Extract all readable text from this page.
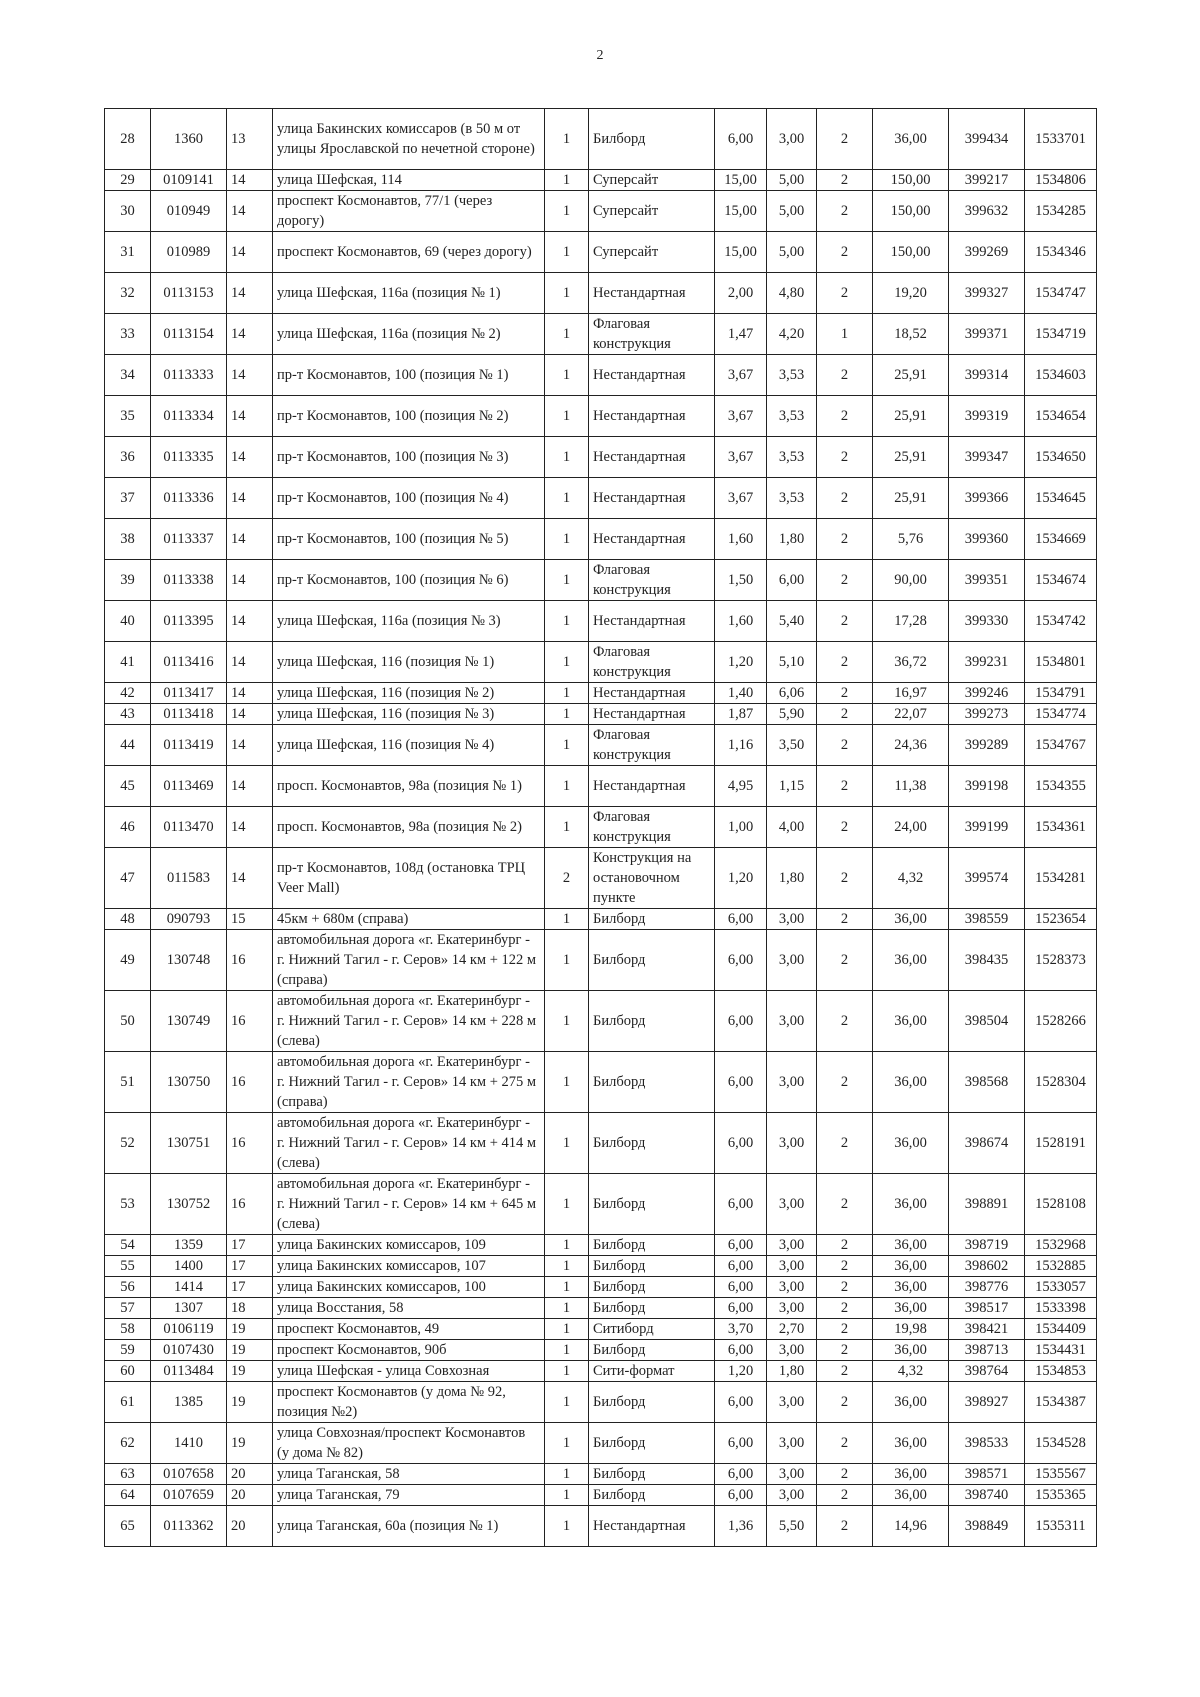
2
28	1360	13	улица Бакинских комиссаров (в 50 м от улицы Ярославской по нечетной стороне)	1	Билборд	6,00	3,00	2	36,00	399434	1533701
29	0109141	14	улица Шефская, 114	1	Суперсайт	15,00	5,00	2	150,00	399217	1534806
30	010949	14	проспект Космонавтов, 77/1 (через дорогу)	1	Суперсайт	15,00	5,00	2	150,00	399632	1534285
31	010989	14	проспект Космонавтов, 69 (через дорогу)	1	Суперсайт	15,00	5,00	2	150,00	399269	1534346
32	0113153	14	улица Шефская, 116а (позиция № 1)	1	Нестандартная	2,00	4,80	2	19,20	399327	1534747
33	0113154	14	улица Шефская, 116а (позиция № 2)	1	Флаговая конструкция	1,47	4,20	1	18,52	399371	1534719
34	0113333	14	пр-т Космонавтов, 100 (позиция № 1)	1	Нестандартная	3,67	3,53	2	25,91	399314	1534603
35	0113334	14	пр-т Космонавтов, 100 (позиция № 2)	1	Нестандартная	3,67	3,53	2	25,91	399319	1534654
36	0113335	14	пр-т Космонавтов, 100 (позиция № 3)	1	Нестандартная	3,67	3,53	2	25,91	399347	1534650
37	0113336	14	пр-т Космонавтов, 100 (позиция № 4)	1	Нестандартная	3,67	3,53	2	25,91	399366	1534645
38	0113337	14	пр-т Космонавтов, 100 (позиция № 5)	1	Нестандартная	1,60	1,80	2	5,76	399360	1534669
39	0113338	14	пр-т Космонавтов, 100 (позиция № 6)	1	Флаговая конструкция	1,50	6,00	2	90,00	399351	1534674
40	0113395	14	улица Шефская, 116а (позиция № 3)	1	Нестандартная	1,60	5,40	2	17,28	399330	1534742
41	0113416	14	улица Шефская, 116 (позиция № 1)	1	Флаговая конструкция	1,20	5,10	2	36,72	399231	1534801
42	0113417	14	улица Шефская, 116 (позиция № 2)	1	Нестандартная	1,40	6,06	2	16,97	399246	1534791
43	0113418	14	улица Шефская, 116 (позиция № 3)	1	Нестандартная	1,87	5,90	2	22,07	399273	1534774
44	0113419	14	улица Шефская, 116 (позиция № 4)	1	Флаговая конструкция	1,16	3,50	2	24,36	399289	1534767
45	0113469	14	просп. Космонавтов, 98а (позиция № 1)	1	Нестандартная	4,95	1,15	2	11,38	399198	1534355
46	0113470	14	просп. Космонавтов, 98а (позиция № 2)	1	Флаговая конструкция	1,00	4,00	2	24,00	399199	1534361
47	011583	14	пр-т Космонавтов, 108д (остановка ТРЦ Veer Mall)	2	Конструкция на остановочном пункте	1,20	1,80	2	4,32	399574	1534281
48	090793	15	45км + 680м (справа)	1	Билборд	6,00	3,00	2	36,00	398559	1523654
49	130748	16	автомобильная дорога «г. Екатеринбург - г. Нижний Тагил - г. Серов» 14 км + 122 м (справа)	1	Билборд	6,00	3,00	2	36,00	398435	1528373
50	130749	16	автомобильная дорога «г. Екатеринбург - г. Нижний Тагил - г. Серов» 14 км + 228 м (слева)	1	Билборд	6,00	3,00	2	36,00	398504	1528266
51	130750	16	автомобильная дорога «г. Екатеринбург - г. Нижний Тагил - г. Серов» 14 км + 275 м (справа)	1	Билборд	6,00	3,00	2	36,00	398568	1528304
52	130751	16	автомобильная дорога «г. Екатеринбург - г. Нижний Тагил - г. Серов» 14 км + 414 м (слева)	1	Билборд	6,00	3,00	2	36,00	398674	1528191
53	130752	16	автомобильная дорога «г. Екатеринбург - г. Нижний Тагил - г. Серов» 14 км + 645 м (слева)	1	Билборд	6,00	3,00	2	36,00	398891	1528108
54	1359	17	улица Бакинских комиссаров, 109	1	Билборд	6,00	3,00	2	36,00	398719	1532968
55	1400	17	улица Бакинских комиссаров, 107	1	Билборд	6,00	3,00	2	36,00	398602	1532885
56	1414	17	улица Бакинских комиссаров, 100	1	Билборд	6,00	3,00	2	36,00	398776	1533057
57	1307	18	улица Восстания, 58	1	Билборд	6,00	3,00	2	36,00	398517	1533398
58	0106119	19	проспект Космонавтов, 49	1	Ситиборд	3,70	2,70	2	19,98	398421	1534409
59	0107430	19	проспект Космонавтов, 90б	1	Билборд	6,00	3,00	2	36,00	398713	1534431
60	0113484	19	улица Шефская - улица Совхозная	1	Сити-формат	1,20	1,80	2	4,32	398764	1534853
61	1385	19	проспект Космонавтов (у дома № 92, позиция №2)	1	Билборд	6,00	3,00	2	36,00	398927	1534387
62	1410	19	улица Совхозная/проспект Космонавтов (у дома № 82)	1	Билборд	6,00	3,00	2	36,00	398533	1534528
63	0107658	20	улица Таганская, 58	1	Билборд	6,00	3,00	2	36,00	398571	1535567
64	0107659	20	улица Таганская, 79	1	Билборд	6,00	3,00	2	36,00	398740	1535365
65	0113362	20	улица Таганская, 60а (позиция № 1)	1	Нестандартная	1,36	5,50	2	14,96	398849	1535311
